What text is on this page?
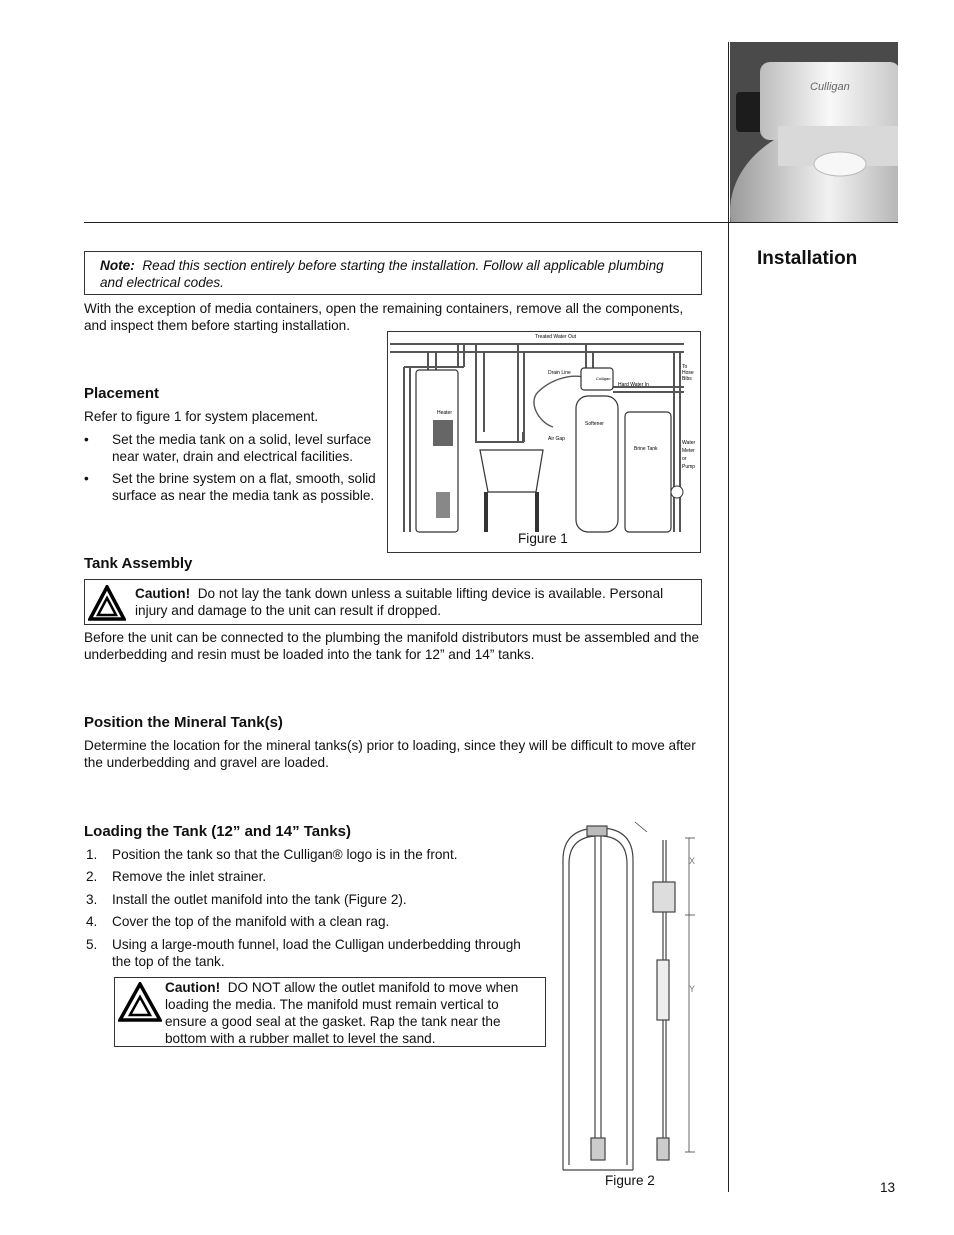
Culligan
Installation
Note: Read this section entirely before starting the installation. Follow all applicable plumbing and electrical codes.
With the exception of media containers, open the remaining containers, remove all the components, and inspect them before starting installation.
Placement
Refer to figure 1 for system placement.
• Set the media tank on a solid, level surface near water, drain and electrical facilities.
• Set the brine system on a flat, smooth, solid surface as near the media tank as possible.
Treated Water Out
To
Hose
Bibs
Drain Line
Hard Water In
Heater
Softener
Air Gap
Brine Tank
Water
Meter
or
Pump
Culligan
Figure 1
Tank Assembly
Caution! Do not lay the tank down unless a suitable lifting device is available. Personal injury and damage to the unit can result if dropped.
Before the unit can be connected to the plumbing the manifold distributors must be assembled and the underbedding and resin must be loaded into the tank for 12” and 14” tanks.
Position the Mineral Tank(s)
Determine the location for the mineral tanks(s) prior to loading, since they will be difficult to move after the underbedding and gravel are loaded.
Loading the Tank (12” and 14” Tanks)
1. Position the tank so that the Culligan® logo is in the front.
2. Remove the inlet strainer.
3. Install the outlet manifold into the tank (Figure 2).
4. Cover the top of the manifold with a clean rag.
5. Using a large-mouth funnel, load the Culligan underbedding through the top of the tank.
Caution! DO NOT allow the outlet manifold to move when loading the media. The manifold must remain vertical to ensure a good seal at the gasket. Rap the tank near the bottom with a rubber mallet to level the sand.
X
Y
Figure 2	13
